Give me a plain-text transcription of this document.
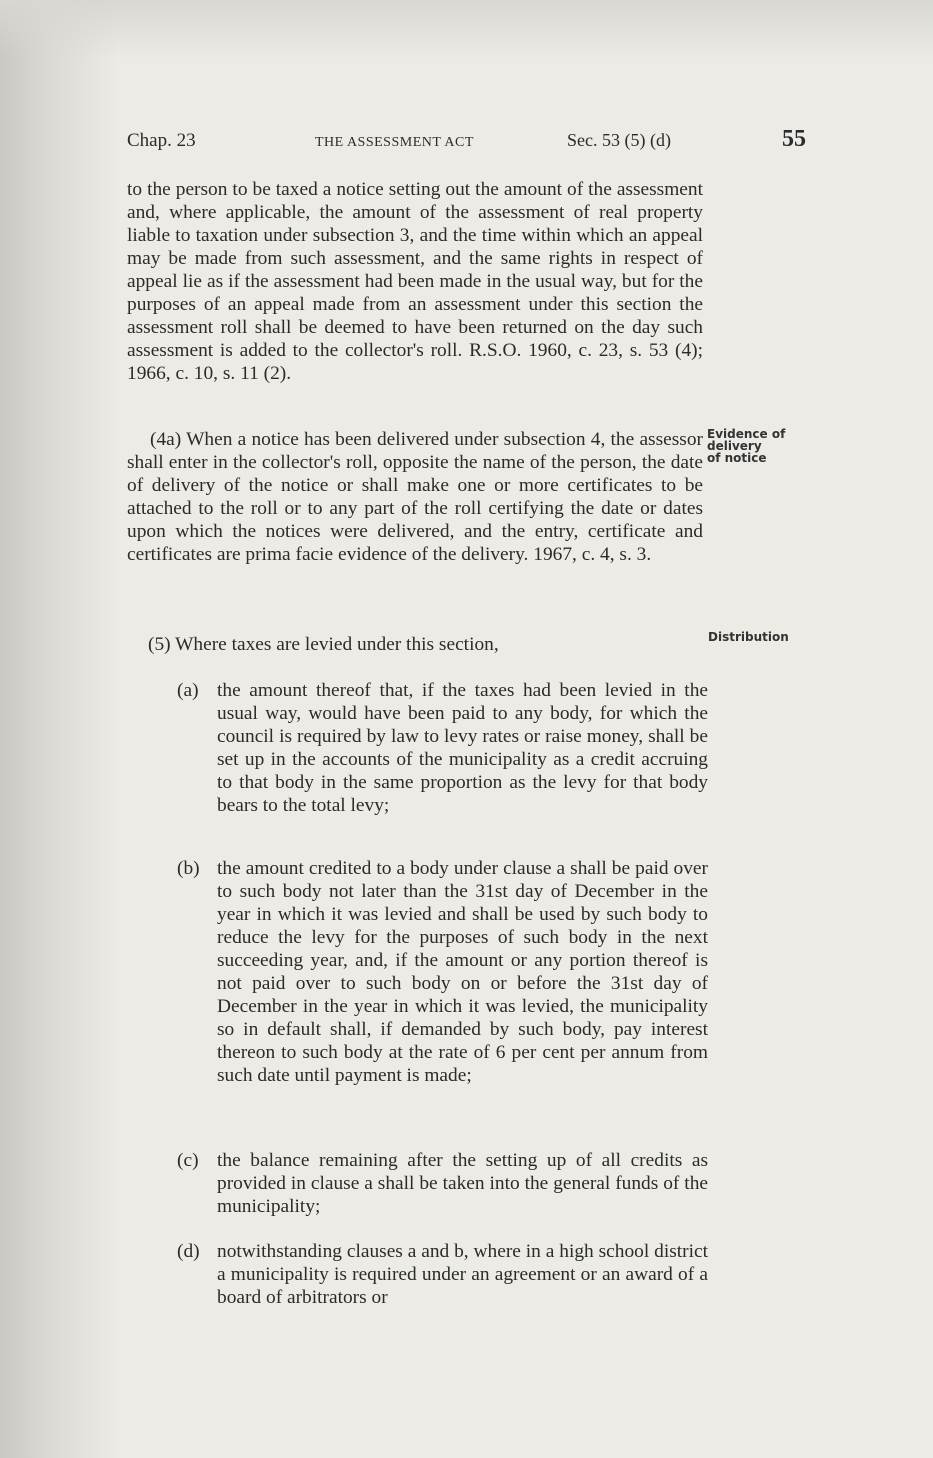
Chap. 23	THE ASSESSMENT ACT	Sec. 53 (5) (d)	55

to the person to be taxed a notice setting out the amount of the assessment and, where applicable, the amount of the assessment of real property liable to taxation under subsection 3, and the time within which an appeal may be made from such assessment, and the same rights in respect of appeal lie as if the assessment had been made in the usual way, but for the purposes of an appeal made from an assessment under this section the assessment roll shall be deemed to have been returned on the day such assessment is added to the collector's roll. R.S.O. 1960, c. 23, s. 53 (4); 1966, c. 10, s. 11 (2).

(4a) When a notice has been delivered under subsection 4, the assessor shall enter in the collector's roll, opposite the name of the person, the date of delivery of the notice or shall make one or more certificates to be attached to the roll or to any part of the roll certifying the date or dates upon which the notices were delivered, and the entry, certificate and certificates are prima facie evidence of the delivery. 1967, c. 4, s. 3.

(5) Where taxes are levied under this section,

(a) the amount thereof that, if the taxes had been levied in the usual way, would have been paid to any body, for which the council is required by law to levy rates or raise money, shall be set up in the accounts of the municipality as a credit accruing to that body in the same proportion as the levy for that body bears to the total levy;

(b) the amount credited to a body under clause a shall be paid over to such body not later than the 31st day of December in the year in which it was levied and shall be used by such body to reduce the levy for the purposes of such body in the next succeeding year, and, if the amount or any portion thereof is not paid over to such body on or before the 31st day of December in the year in which it was levied, the municipality so in default shall, if demanded by such body, pay interest thereon to such body at the rate of 6 per cent per annum from such date until payment is made;

(c) the balance remaining after the setting up of all credits as provided in clause a shall be taken into the general funds of the municipality;

(d) notwithstanding clauses a and b, where in a high school district a municipality is required under an agreement or an award of a board of arbitrators or

Evidence of
delivery
of notice
Distribution
